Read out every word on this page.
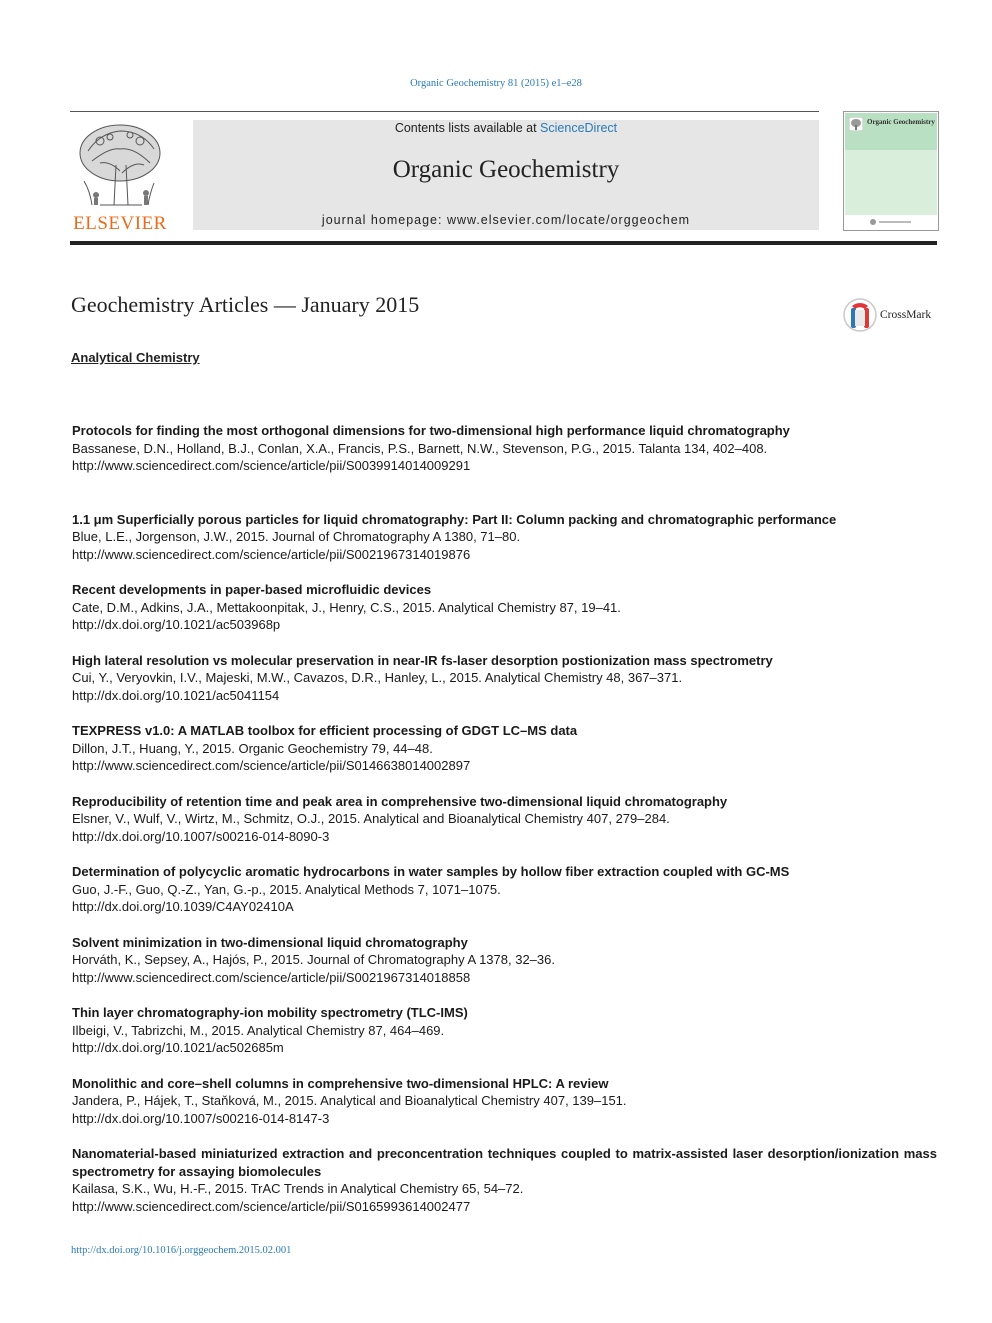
Organic Geochemistry 81 (2015) e1–e28
ELSEVIER
Contents lists available at ScienceDirect
Organic Geochemistry
journal homepage: www.elsevier.com/locate/orggeochem
Organic Geochemistry
Geochemistry Articles — January 2015	CrossMark
Analytical Chemistry
Protocols for finding the most orthogonal dimensions for two-dimensional high performance liquid chromatography
Bassanese, D.N., Holland, B.J., Conlan, X.A., Francis, P.S., Barnett, N.W., Stevenson, P.G., 2015. Talanta 134, 402–408.
http://www.sciencedirect.com/science/article/pii/S0039914014009291
1.1 μm Superficially porous particles for liquid chromatography: Part II: Column packing and chromatographic performance
Blue, L.E., Jorgenson, J.W., 2015. Journal of Chromatography A 1380, 71–80.
http://www.sciencedirect.com/science/article/pii/S0021967314019876
Recent developments in paper-based microfluidic devices
Cate, D.M., Adkins, J.A., Mettakoonpitak, J., Henry, C.S., 2015. Analytical Chemistry 87, 19–41.
http://dx.doi.org/10.1021/ac503968p
High lateral resolution vs molecular preservation in near-IR fs-laser desorption postionization mass spectrometry
Cui, Y., Veryovkin, I.V., Majeski, M.W., Cavazos, D.R., Hanley, L., 2015. Analytical Chemistry 48, 367–371.
http://dx.doi.org/10.1021/ac5041154
TEXPRESS v1.0: A MATLAB toolbox for efficient processing of GDGT LC–MS data
Dillon, J.T., Huang, Y., 2015. Organic Geochemistry 79, 44–48.
http://www.sciencedirect.com/science/article/pii/S0146638014002897
Reproducibility of retention time and peak area in comprehensive two-dimensional liquid chromatography
Elsner, V., Wulf, V., Wirtz, M., Schmitz, O.J., 2015. Analytical and Bioanalytical Chemistry 407, 279–284.
http://dx.doi.org/10.1007/s00216-014-8090-3
Determination of polycyclic aromatic hydrocarbons in water samples by hollow fiber extraction coupled with GC-MS
Guo, J.-F., Guo, Q.-Z., Yan, G.-p., 2015. Analytical Methods 7, 1071–1075.
http://dx.doi.org/10.1039/C4AY02410A
Solvent minimization in two-dimensional liquid chromatography
Horváth, K., Sepsey, A., Hajós, P., 2015. Journal of Chromatography A 1378, 32–36.
http://www.sciencedirect.com/science/article/pii/S0021967314018858
Thin layer chromatography-ion mobility spectrometry (TLC-IMS)
Ilbeigi, V., Tabrizchi, M., 2015. Analytical Chemistry 87, 464–469.
http://dx.doi.org/10.1021/ac502685m
Monolithic and core–shell columns in comprehensive two-dimensional HPLC: A review
Jandera, P., Hájek, T., Staňková, M., 2015. Analytical and Bioanalytical Chemistry 407, 139–151.
http://dx.doi.org/10.1007/s00216-014-8147-3
Nanomaterial-based miniaturized extraction and preconcentration techniques coupled to matrix-assisted laser desorption/ionization mass spectrometry for assaying biomolecules
Kailasa, S.K., Wu, H.-F., 2015. TrAC Trends in Analytical Chemistry 65, 54–72.
http://www.sciencedirect.com/science/article/pii/S0165993614002477
http://dx.doi.org/10.1016/j.orggeochem.2015.02.001
